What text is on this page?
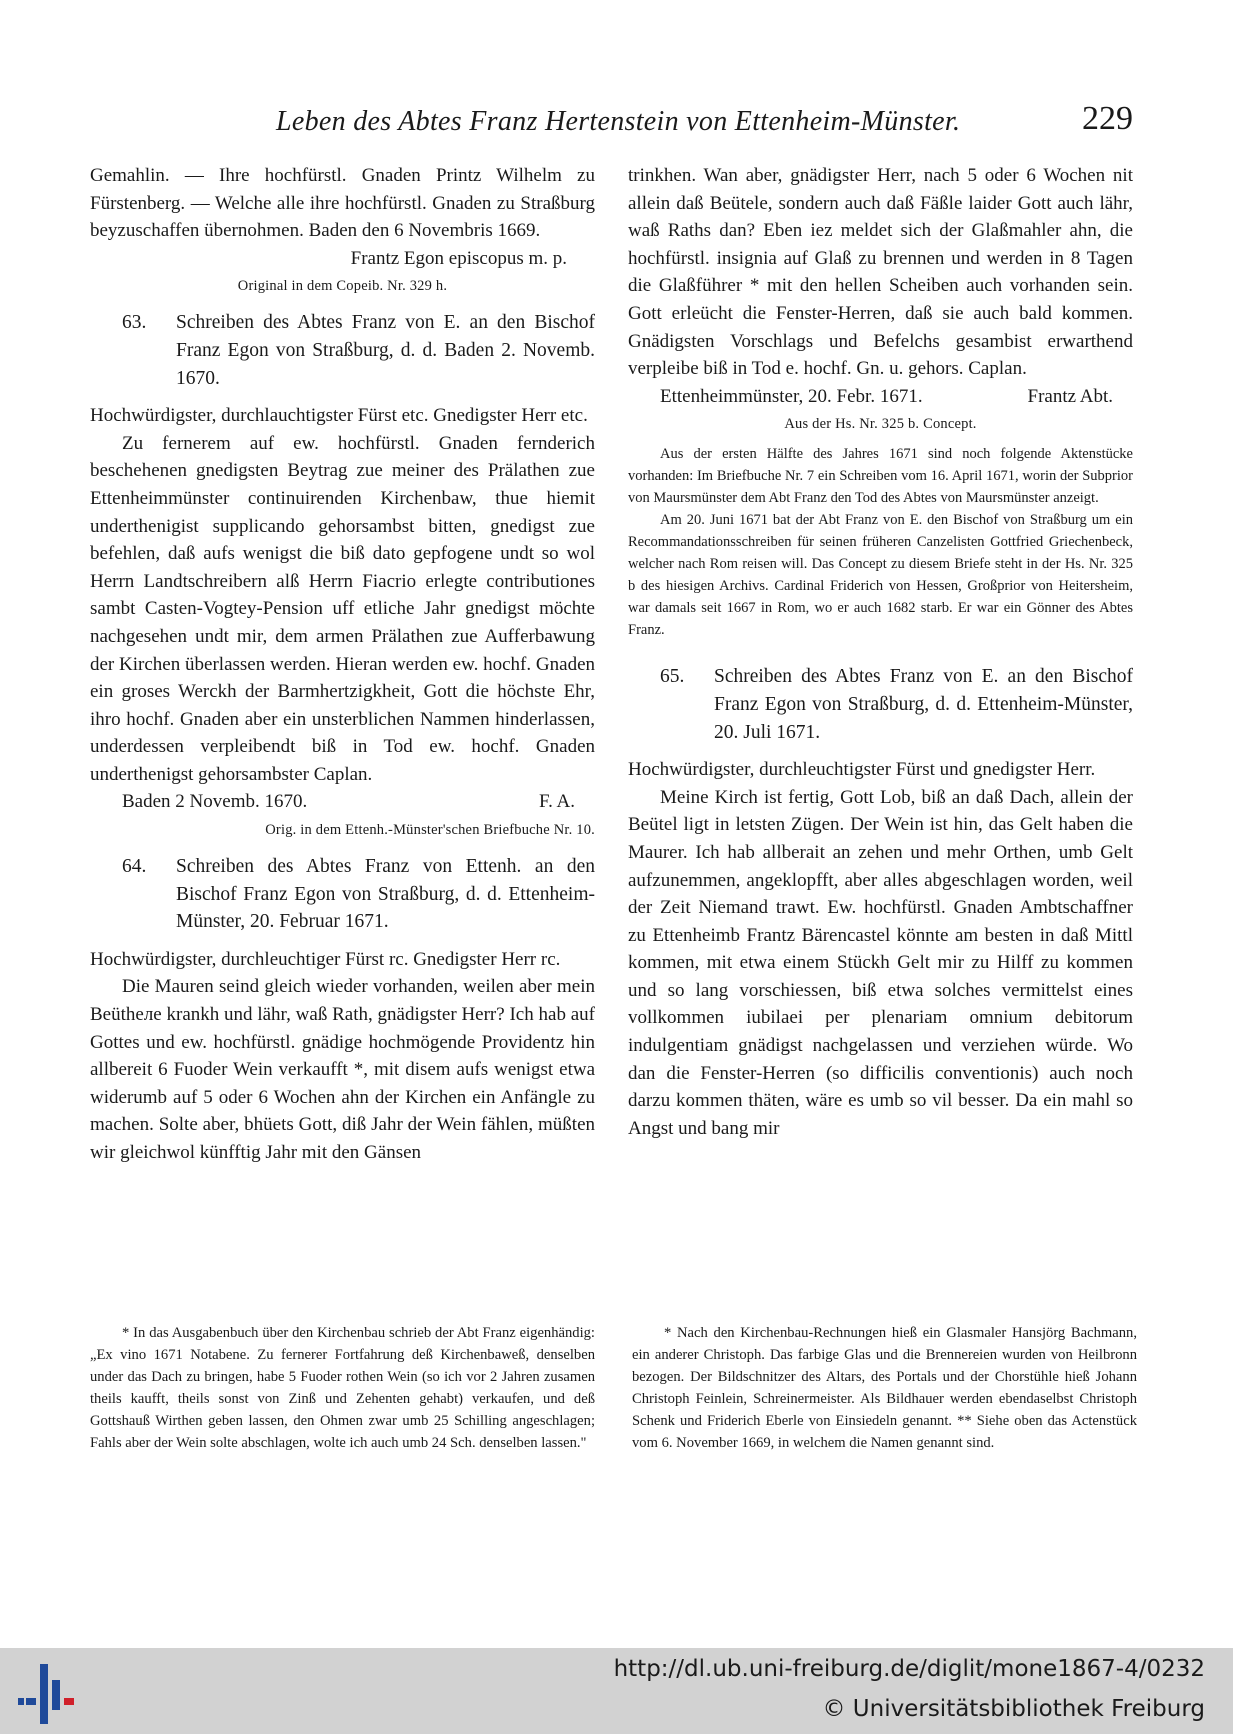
Leben des Abtes Franz Hertenstein von Ettenheim-Münster.	229

Gemahlin. — Ihre hochfürstl. Gnaden Printz Wilhelm zu Fürstenberg. — Welche alle ihre hochfürstl. Gnaden zu Straßburg beyzuschaffen übernohmen. Baden den 6 Novembris 1669.

Frantz Egon episcopus m. p.
Original in dem Copeib. Nr. 329 h.
63.	Schreiben des Abtes Franz von E. an den Bischof Franz Egon von Straßburg, d. d. Baden 2. Novemb. 1670.

Hochwürdigster, durchlauchtigster Fürst etc. Gnedigster Herr etc.

Zu fernerem auf ew. hochfürstl. Gnaden fernderich beschehenen gnedigsten Beytrag zue meiner des Prälathen zue Ettenheimmünster continuirenden Kirchenbaw, thue hiemit underthenigist supplicando gehorsambst bitten, gnedigst zue befehlen, daß aufs wenigst die biß dato gepfogene undt so wol Herrn Landtschreibern alß Herrn Fiacrio erlegte contributiones sambt Casten-Vogtey-Pension uff etliche Jahr gnedigst möchte nachgesehen undt mir, dem armen Prälathen zue Aufferbawung der Kirchen überlassen werden. Hieran werden ew. hochf. Gnaden ein groses Werckh der Barmhertzigkheit, Gott die höchste Ehr, ihro hochf. Gnaden aber ein unsterblichen Nammen hinderlassen, underdessen verpleibendt biß in Tod ew. hochf. Gnaden underthenigst gehorsambster Caplan.

Baden 2 Novemb. 1670.	F. A.
Orig. in dem Ettenh.-Münster'schen Briefbuche Nr. 10.
64.	Schreiben des Abtes Franz von Ettenh. an den Bischof Franz Egon von Straßburg, d. d. Ettenheim-Münster, 20. Februar 1671.

Hochwürdigster, durchleuchtiger Fürst rc. Gnedigster Herr rc.

Die Mauren seind gleich wieder vorhanden, weilen aber mein Beütheле krankh und lähr, waß Rath, gnädigster Herr? Ich hab auf Gottes und ew. hochfürstl. gnädige hochmögende Providentz hin allbereit 6 Fuoder Wein verkaufft *, mit disem aufs wenigst etwa widerumb auf 5 oder 6 Wochen ahn der Kirchen ein Anfängle zu machen. Solte aber, bhüets Gott, diß Jahr der Wein fählen, müßten wir gleichwol künfftig Jahr mit den Gänsen

trinkhen. Wan aber, gnädigster Herr, nach 5 oder 6 Wochen nit allein daß Beütele, sondern auch daß Fäßle laider Gott auch lähr, waß Raths dan? Eben iez meldet sich der Glaßmahler ahn, die hochfürstl. insignia auf Glaß zu brennen und werden in 8 Tagen die Glaßführer * mit den hellen Scheiben auch vorhanden sein. Gott erleücht die Fenster-Herren, daß sie auch bald kommen. Gnädigsten Vorschlags und Befelchs gesambist erwarthend verpleibe biß in Tod e. hochf. Gn. u. gehors. Caplan.

Ettenheimmünster, 20. Febr. 1671.	Frantz Abt.
Aus der Hs. Nr. 325 b. Concept.

Aus der ersten Hälfte des Jahres 1671 sind noch folgende Aktenstücke vorhanden: Im Briefbuche Nr. 7 ein Schreiben vom 16. April 1671, worin der Subprior von Maursmünster dem Abt Franz den Tod des Abtes von Maursmünster anzeigt.

Am 20. Juni 1671 bat der Abt Franz von E. den Bischof von Straßburg um ein Recommandationsschreiben für seinen früheren Canzelisten Gottfried Griechenbeck, welcher nach Rom reisen will. Das Concept zu diesem Briefe steht in der Hs. Nr. 325 b des hiesigen Archivs. Cardinal Friderich von Hessen, Großprior von Heitersheim, war damals seit 1667 in Rom, wo er auch 1682 starb. Er war ein Gönner des Abtes Franz.

65.	Schreiben des Abtes Franz von E. an den Bischof Franz Egon von Straßburg, d. d. Ettenheim-Münster, 20. Juli 1671.

Hochwürdigster, durchleuchtigster Fürst und gnedigster Herr.

Meine Kirch ist fertig, Gott Lob, biß an daß Dach, allein der Beütel ligt in letsten Zügen. Der Wein ist hin, das Gelt haben die Maurer. Ich hab allberait an zehen und mehr Orthen, umb Gelt aufzunemmen, angeklopfft, aber alles abgeschlagen worden, weil der Zeit Niemand trawt. Ew. hochfürstl. Gnaden Ambtschaffner zu Ettenheimb Frantz Bärencastel könnte am besten in daß Mittl kommen, mit etwa einem Stückh Gelt mir zu Hilff zu kommen und so lang vorschiessen, biß etwa solches vermittelst eines vollkommen iubilaei per plenariam omnium debitorum indulgentiam gnädigst nachgelassen und verziehen würde. Wo dan die Fenster-Herren (so difficilis conventionis) auch noch darzu kommen thäten, wäre es umb so vil besser. Da ein mahl so Angst und bang mir

* In das Ausgabenbuch über den Kirchenbau schrieb der Abt Franz eigenhändig: „Ex vino 1671 Notabene. Zu fernerer Fortfahrung deß Kirchenbaweß, denselben under das Dach zu bringen, habe 5 Fuoder rothen Wein (so ich vor 2 Jahren zusamen theils kaufft, theils sonst von Zinß und Zehenten gehabt) verkaufen, und deß Gottshauß Wirthen geben lassen, den Ohmen zwar umb 25 Schilling angeschlagen; Fahls aber der Wein solte abschlagen, wolte ich auch umb 24 Sch. denselben lassen."

* Nach den Kirchenbau-Rechnungen hieß ein Glasmaler Hansjörg Bachmann, ein anderer Christoph. Das farbige Glas und die Brennereien wurden von Heilbronn bezogen. Der Bildschnitzer des Altars, des Portals und der Chorstühle hieß Johann Christoph Feinlein, Schreinermeister. Als Bildhauer werden ebendaselbst Christoph Schenk und Friderich Eberle von Einsiedeln genannt. ** Siehe oben das Actenstück vom 6. November 1669, in welchem die Namen genannt sind.

http://dl.ub.uni-freiburg.de/diglit/mone1867-4/0232
© Universitätsbibliothek Freiburg
